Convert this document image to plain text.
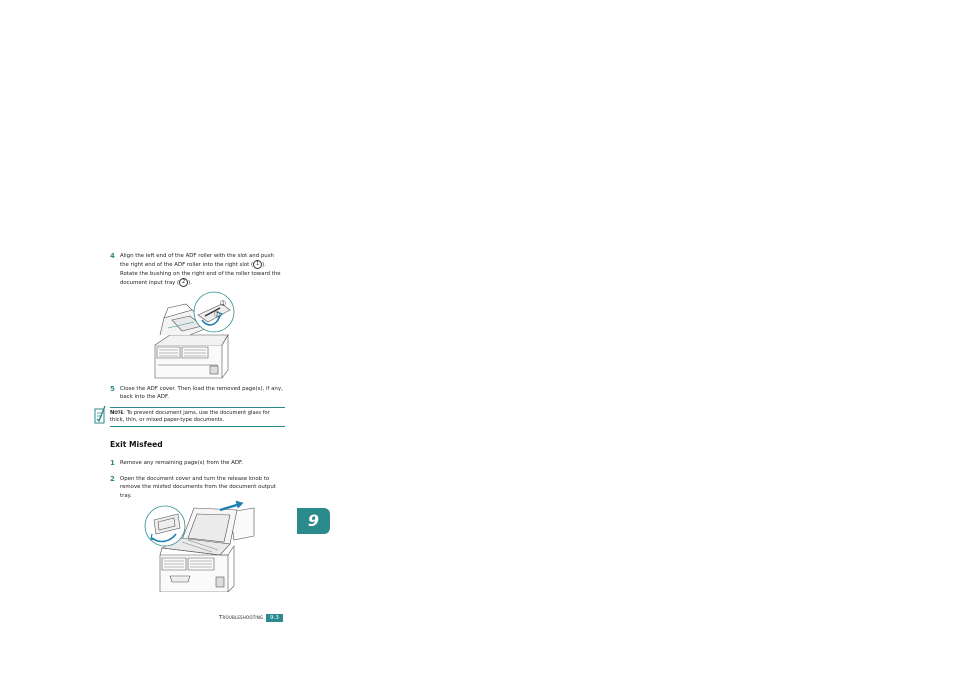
4 Align the left end of the ADF roller with the slot and push
the right end of the ADF roller into the right slot ( 1 ).
Rotate the bushing on the right end of the roller toward the
document input tray ( 2 ).
1
2
5 Close the ADF cover. Then load the removed page(s), if any, back into the ADF.
Note: To prevent document jams, use the document glass for thick, thin, or mixed paper-type documents.
Exit Misfeed
1 Remove any remaining page(s) from the ADF.
2 Open the document cover and turn the release knob to remove the misfed documents from the document output tray.
9
Troubleshooting	9.3
